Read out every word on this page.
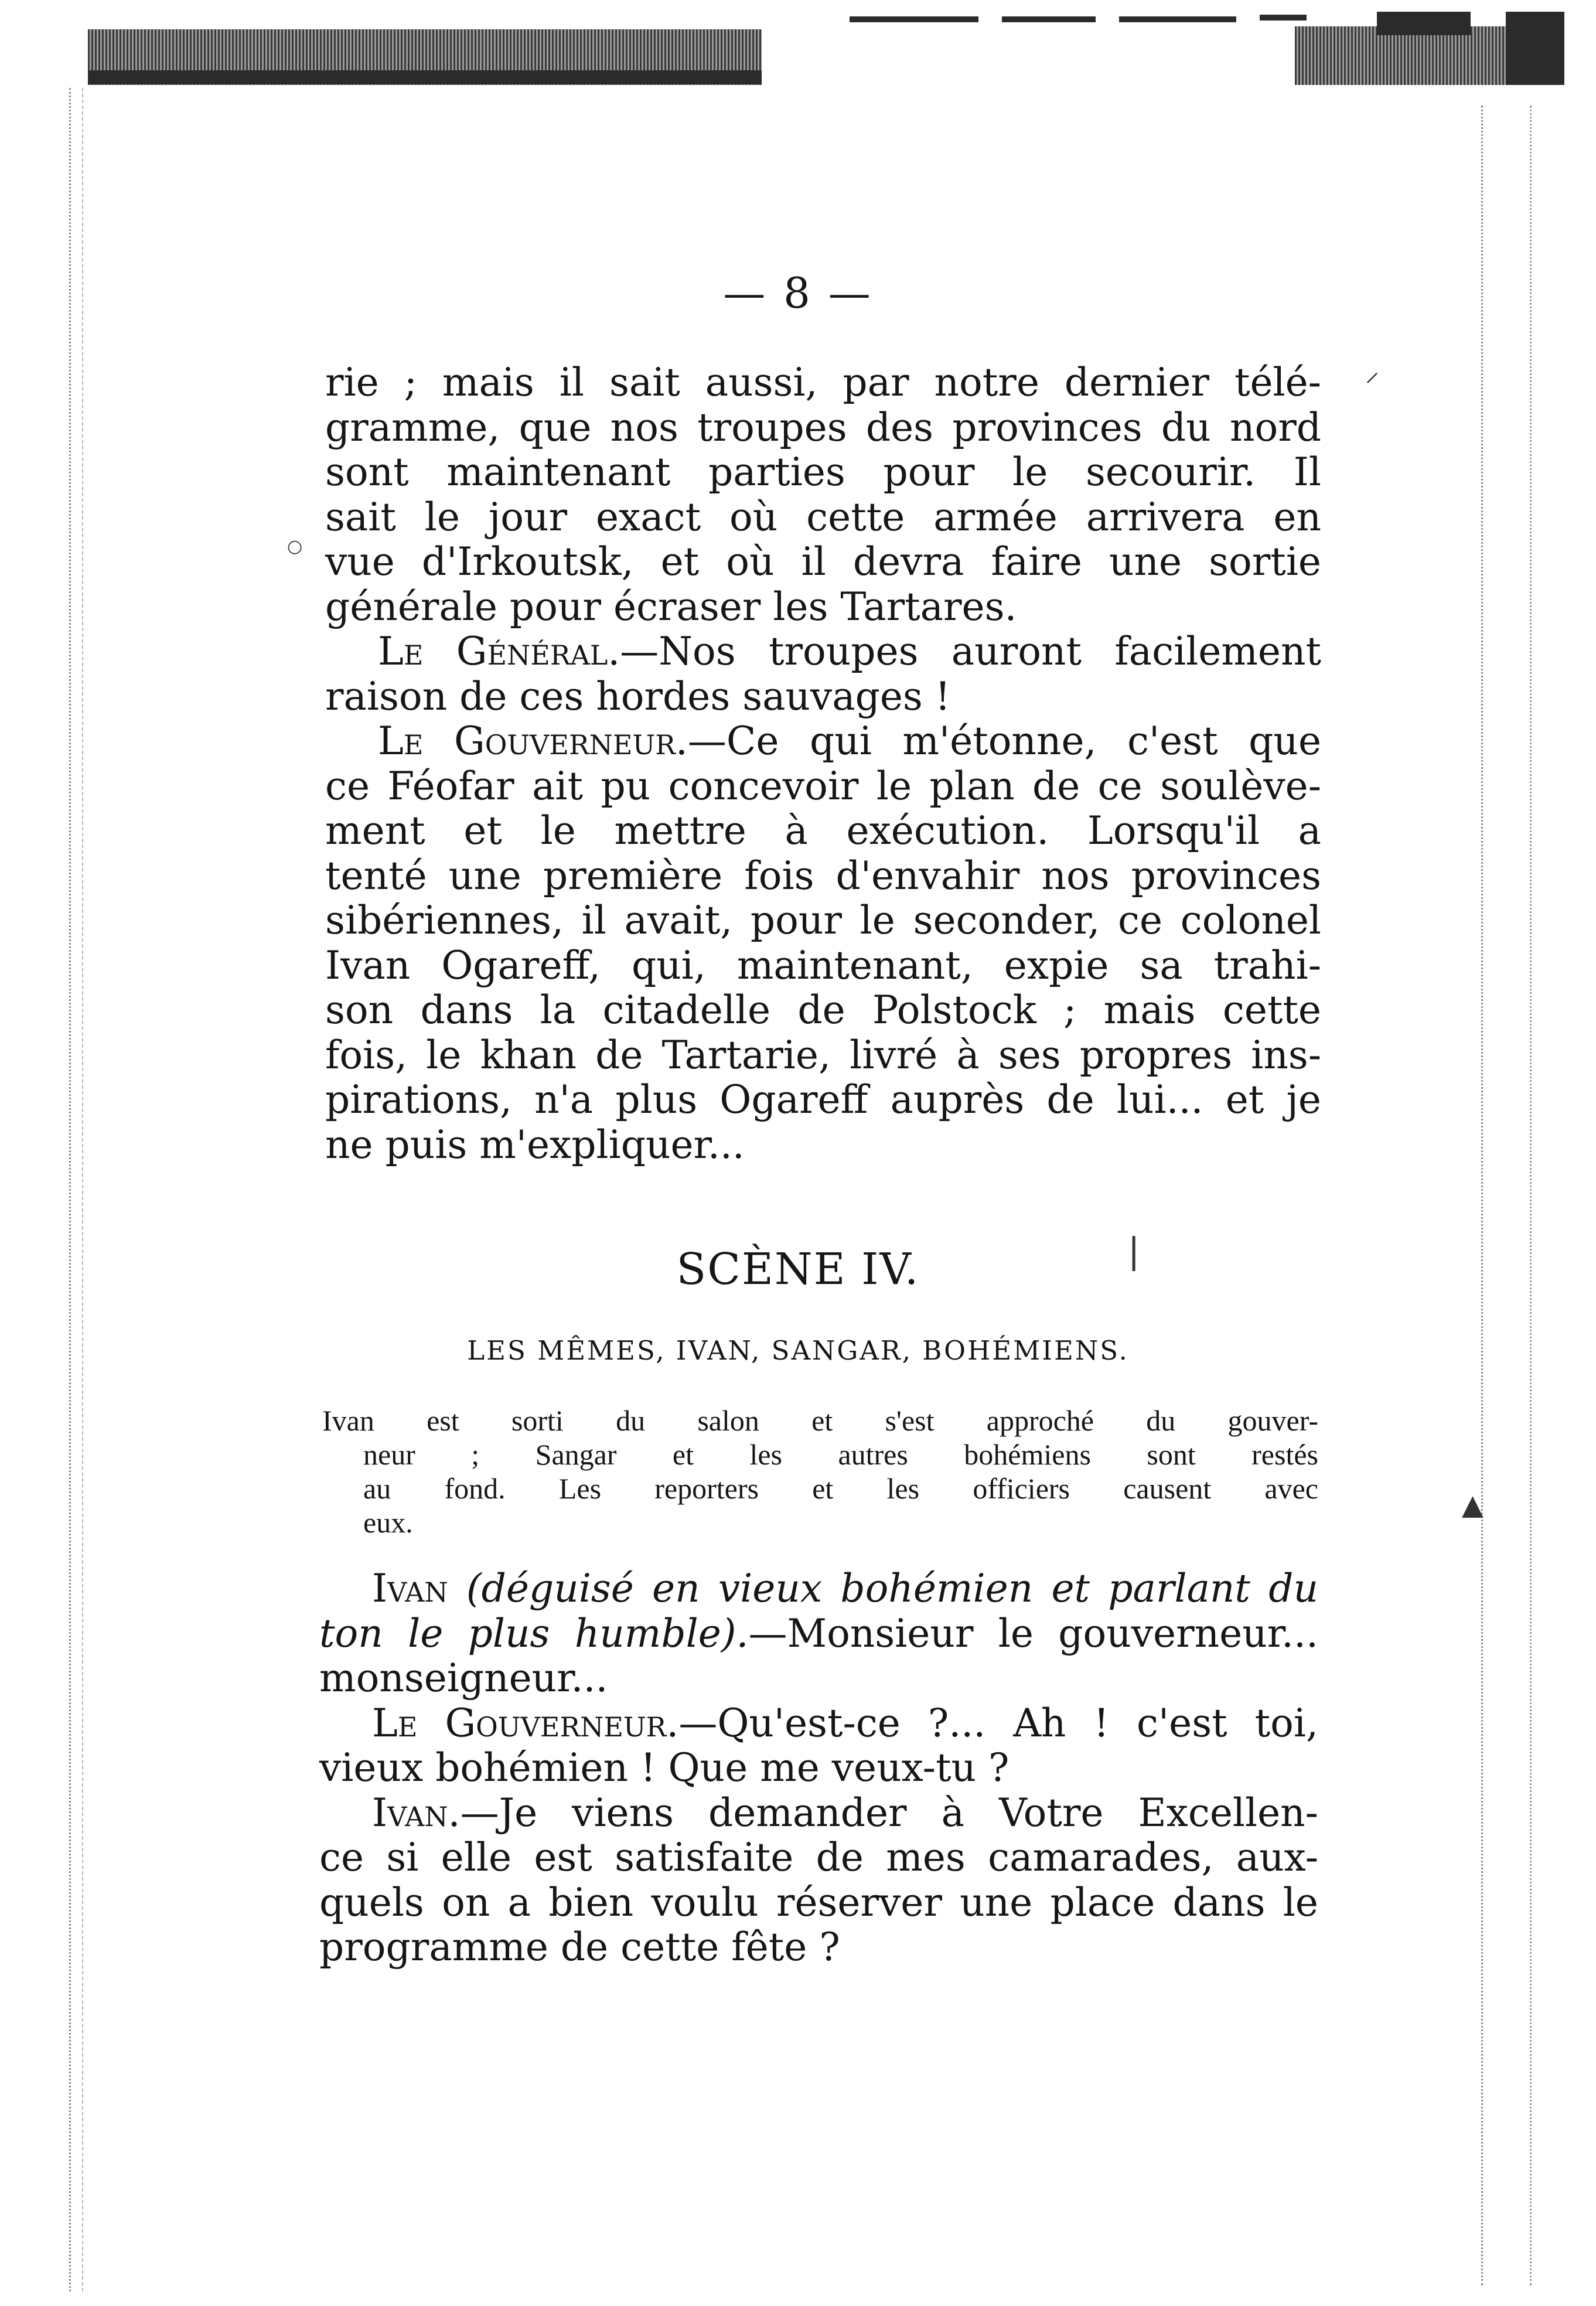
○
⸝
|
▲
— 8 —
rie ; mais il sait aussi, par notre dernier télé-
gramme, que nos troupes des provinces du nord
sont maintenant parties pour le secourir. Il
sait le jour exact où cette armée arrivera en
vue d'Irkoutsk, et où il devra faire une sortie
générale pour écraser les Tartares.
Le Général.—Nos troupes auront facilement
raison de ces hordes sauvages !
Le Gouverneur.—Ce qui m'étonne, c'est que
ce Féofar ait pu concevoir le plan de ce soulève-
ment et le mettre à exécution. Lorsqu'il a
tenté une première fois d'envahir nos provinces
sibériennes, il avait, pour le seconder, ce colonel
Ivan Ogareff, qui, maintenant, expie sa trahi-
son dans la citadelle de Polstock ; mais cette
fois, le khan de Tartarie, livré à ses propres ins-
pirations, n'a plus Ogareff auprès de lui... et je
ne puis m'expliquer...
SCÈNE IV.
LES MÊMES, IVAN, SANGAR, BOHÉMIENS.
Ivan est sorti du salon et s'est approché du gouver-
neur ; Sangar et les autres bohémiens sont restés
au fond. Les reporters et les officiers causent avec
eux.
Ivan (déguisé en vieux bohémien et parlant du
ton le plus humble).—Monsieur le gouverneur...
monseigneur...
Le Gouverneur.—Qu'est-ce ?... Ah ! c'est toi,
vieux bohémien ! Que me veux-tu ?
Ivan.—Je viens demander à Votre Excellen-
ce si elle est satisfaite de mes camarades, aux-
quels on a bien voulu réserver une place dans le
programme de cette fête ?
